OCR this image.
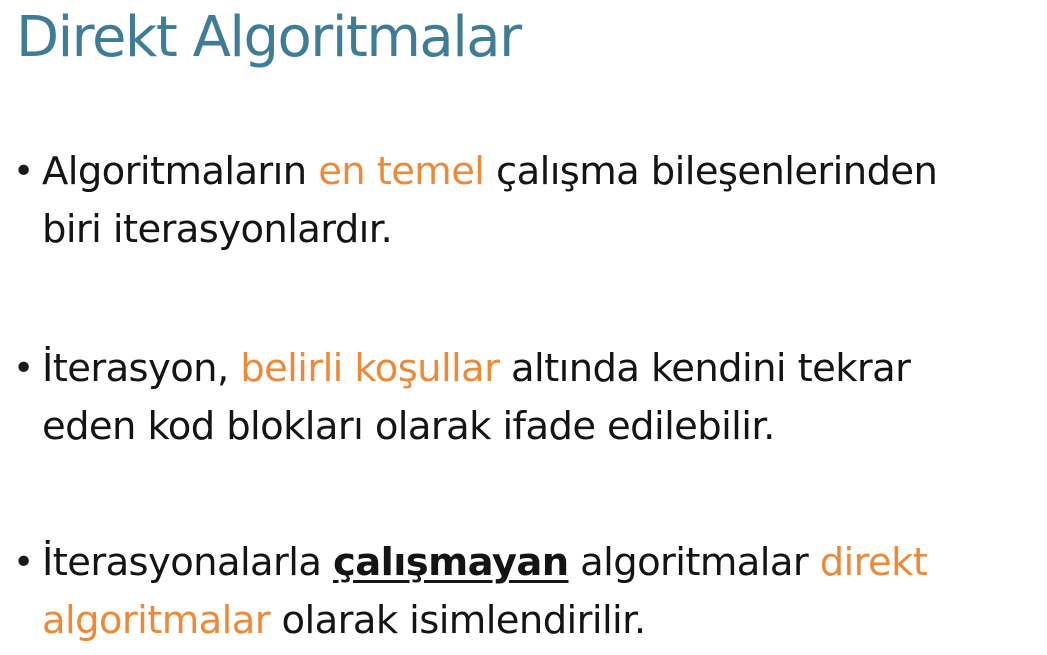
Direkt Algoritmalar
• Algoritmaların en temel çalışma bileşenlerinden
biri iterasyonlardır.

• İterasyon, belirli koşullar altında kendini tekrar
eden kod blokları olarak ifade edilebilir.

• İterasyonalarla çalışmayan algoritmalar direkt
algoritmalar olarak isimlendirilir.
